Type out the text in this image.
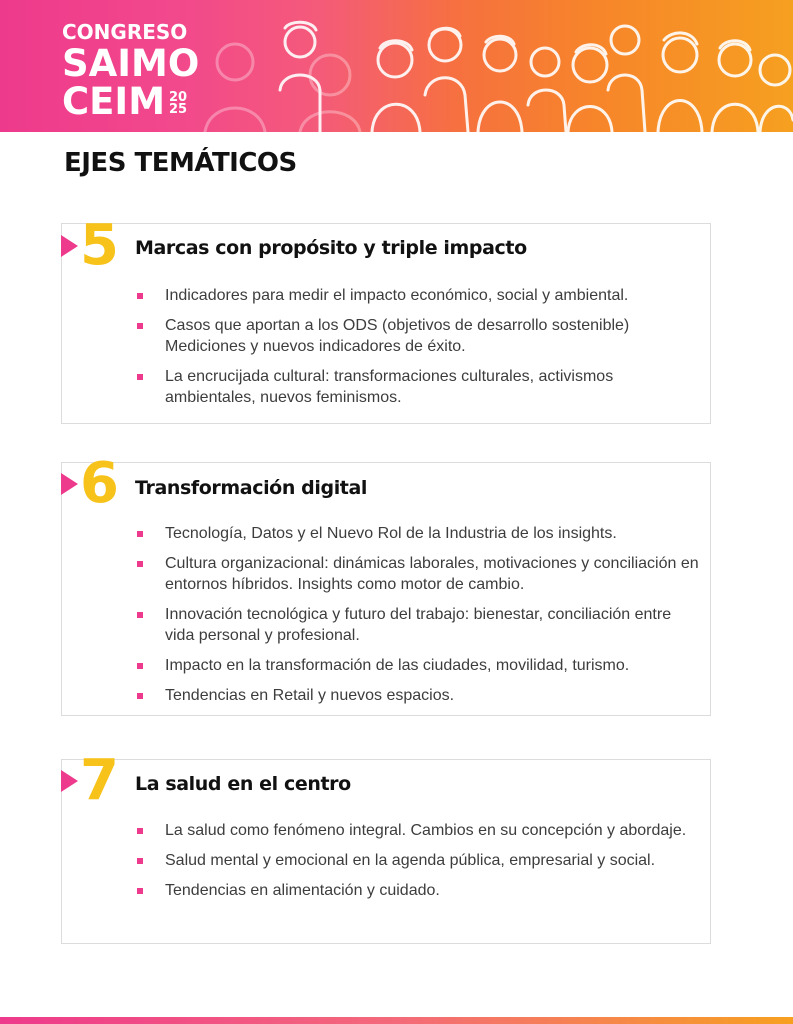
CONGRESO
SAIMO
CEIM 20
25
EJES TEMÁTICOS
5 Marcas con propósito y triple impacto
Indicadores para medir el impacto económico, social y ambiental.
Casos que aportan a los ODS (objetivos de desarrollo sostenible) Mediciones y nuevos indicadores de éxito.
La encrucijada cultural: transformaciones culturales, activismos ambientales, nuevos feminismos.
6 Transformación digital
Tecnología, Datos y el Nuevo Rol de la Industria de los insights.
Cultura organizacional: dinámicas laborales, motivaciones y conciliación en entornos híbridos. Insights como motor de cambio.
Innovación tecnológica y futuro del trabajo: bienestar, conciliación entre vida personal y profesional.
Impacto en la transformación de las ciudades, movilidad, turismo.
Tendencias en Retail y nuevos espacios.
7 La salud en el centro
La salud como fenómeno integral. Cambios en su concepción y abordaje.
Salud mental y emocional en la agenda pública, empresarial y social.
Tendencias en alimentación y cuidado.
